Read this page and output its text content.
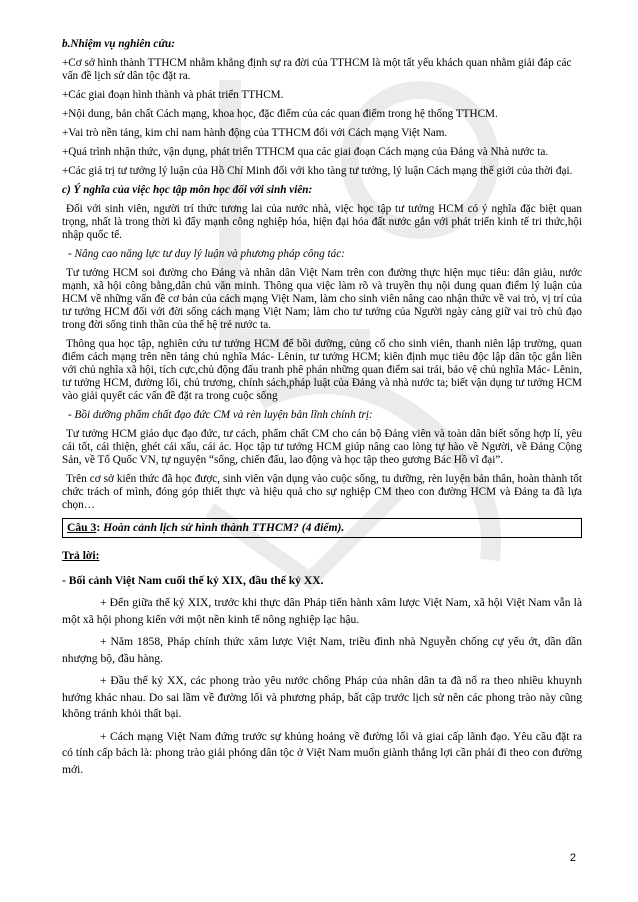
b.Nhiệm vụ nghiên cứu:

+Cơ sở hình thành TTHCM nhằm khẳng định sự ra đời của TTHCM là một tất yếu khách quan nhằm giải đáp các vấn đề lịch sử dân tộc đặt ra.

+Các giai đoạn hình thành và phát triển TTHCM.

+Nội dung, bản chất Cách mạng, khoa học, đặc điểm của các quan điểm trong hệ thống TTHCM.

+Vai trò nền tảng, kim chỉ nam hành động của TTHCM đối với Cách mạng Việt Nam.

+Quá trình nhận thức, vận dụng, phát triển TTHCM qua các giai đoạn Cách mạng của Đảng và Nhà nước ta.

+Các giá trị tư tưởng lý luận của Hồ Chí Minh đối với kho tàng tư tưởng, lý luận Cách mạng thế giới của thời đại.

c) Ý nghĩa của việc học tập môn học đối với sinh viên:

Đối với sinh viên, người trí thức tương lai của nước nhà, việc học tập tư tưởng HCM có ý nghĩa đặc biệt quan trọng, nhất là trong thời kì đẩy mạnh công nghiệp hóa, hiện đại hóa đất nước gắn với phát triển kinh tế tri thức,hội nhập quốc tế.

- Nâng cao năng lực tư duy lý luận và phương pháp công tác:

Tư tưởng HCM soi đường cho Đảng và nhân dân Việt Nam trên con đường thực hiện mục tiêu: dân giàu, nước mạnh, xã hội công bằng,dân chủ văn minh. Thông qua việc làm rõ và truyền thụ nội dung quan điểm lý luận của HCM về những vấn đề cơ bản của cách mạng Việt Nam, làm cho sinh viên nâng cao nhận thức về vai trò, vị trí của tư tưởng HCM đối với đời sống cách mạng Việt Nam; làm cho tư tưởng của Người ngày càng giữ vai trò chủ đạo trong đời sống tinh thần của thế hệ trẻ nước ta.

Thông qua học tập, nghiên cứu tư tưởng HCM để bồi dưỡng, củng cố cho sinh viên, thanh niên lập trường, quan điểm cách mạng trên nền tảng chủ nghĩa Mác- Lênin, tư tưởng HCM; kiên định mục tiêu độc lập dân tộc gắn liền với chủ nghĩa xã hội, tích cực,chủ động đấu tranh phê phán những quan điểm sai trái, bảo vệ chủ nghĩa Mác- Lênin, tư tưởng HCM, đường lối, chủ trương, chính sách,pháp luật của Đảng và nhà nước ta; biết vận dụng tư tưởng HCM vào giải quyết các vấn đề đặt ra trong cuộc sống

- Bồi dưỡng phẩm chất đạo đức CM và rèn luyện bản lĩnh chính trị:

Tư tưởng HCM giáo dục đạo đức, tư cách, phẩm chất CM cho cán bộ Đảng viên và toàn dân biết sống hợp lí, yêu cái tốt, cái thiện, ghét cái xấu, cái ác. Học tập tư tưởng HCM giúp nâng cao lòng tự hào về Người, về Đảng Cộng Sản, về Tổ Quốc VN, tự nguyện “sống, chiến đấu, lao động và học tập theo gương Bác Hồ vĩ đại”.

Trên cơ sở kiến thức đã học được, sinh viên vận dụng vào cuộc sống, tu dưỡng, rèn luyện bản thân, hoàn thành tốt chức trách of mình, đóng góp thiết thực và hiệu quả cho sự nghiệp CM theo con đường HCM và Đảng ta đã lựa chọn…

Câu 3: Hoàn cảnh lịch sử hình thành TTHCM? (4 điểm).

Trả lời:

- Bối cảnh Việt Nam cuối thế kỷ XIX, đầu thế kỷ XX.

+ Đến giữa thế kỷ XIX, trước khi thực dân Pháp tiến hành xâm lược Việt Nam, xã hội Việt Nam vẫn là một xã hội phong kiến với một nền kinh tế nông nghiệp lạc hậu.

+ Năm 1858, Pháp chính thức xâm lược Việt Nam, triều đình nhà Nguyễn chống cự yếu ớt, dần dần nhượng bộ, đầu hàng.

+ Đầu thế kỷ XX, các phong trào yêu nước chống Pháp của nhân dân ta đã nổ ra theo nhiều khuynh hướng khác nhau. Do sai lầm về đường lối và phương pháp, bất cập trước lịch sử nên các phong trào này cũng không tránh khỏi thất bại.

+ Cách mạng Việt Nam đứng trước sự khủng hoảng về đường lối và giai cấp lãnh đạo. Yêu cầu đặt ra có tính cấp bách là: phong trào giải phóng dân tộc ở Việt Nam muốn giành thắng lợi cần phải đi theo con đường mới.

2
